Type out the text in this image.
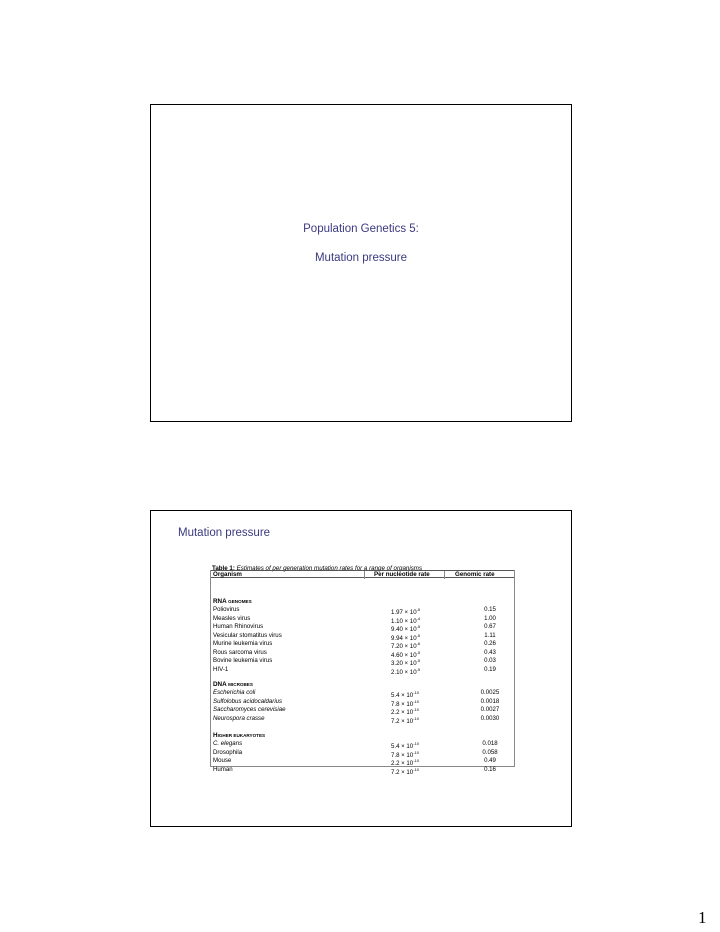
Population Genetics 5:
Mutation pressure
Mutation pressure
Table 1: Estimates of per generation mutation rates for a range of organisms
Organism	Per nucleotide rate	Genomic rate
RNA GENOMES
Poliovirus	$1.97 \times 10^{-5}$	0.15
Measles virus	$1.10 \times 10^{-4}$	1.00
Human Rhinovirus	$9.40 \times 10^{-5}$	0.67
Vesicular stomatitus virus	$9.94 \times 10^{-5}$	1.11
Murine leukemia virus	$7.20 \times 10^{-6}$	0.26
Rous sarcoma virus	$4.60 \times 10^{-5}$	0.43
Bovine leukemia virus	$3.20 \times 10^{-5}$	0.03
HIV-1	$2.10 \times 10^{-5}$	0.19
DNA MICROBES
Escherichia coli	$5.4 \times 10^{-10}$	0.0025
Sulfolobus acidocaldarius	$7.8 \times 10^{-10}$	0.0018
Saccharomyces cerevisiae	$2.2 \times 10^{-10}$	0.0027
Neurospora crasse	$7.2 \times 10^{-10}$	0.0030
HIGHER EUKARYOTES
C. elegans	$5.4 \times 10^{-10}$	0.018
Drosophila	$7.8 \times 10^{-10}$	0.058
Mouse	$2.2 \times 10^{-10}$	0.49
Human	$7.2 \times 10^{-10}$	0.16
1
